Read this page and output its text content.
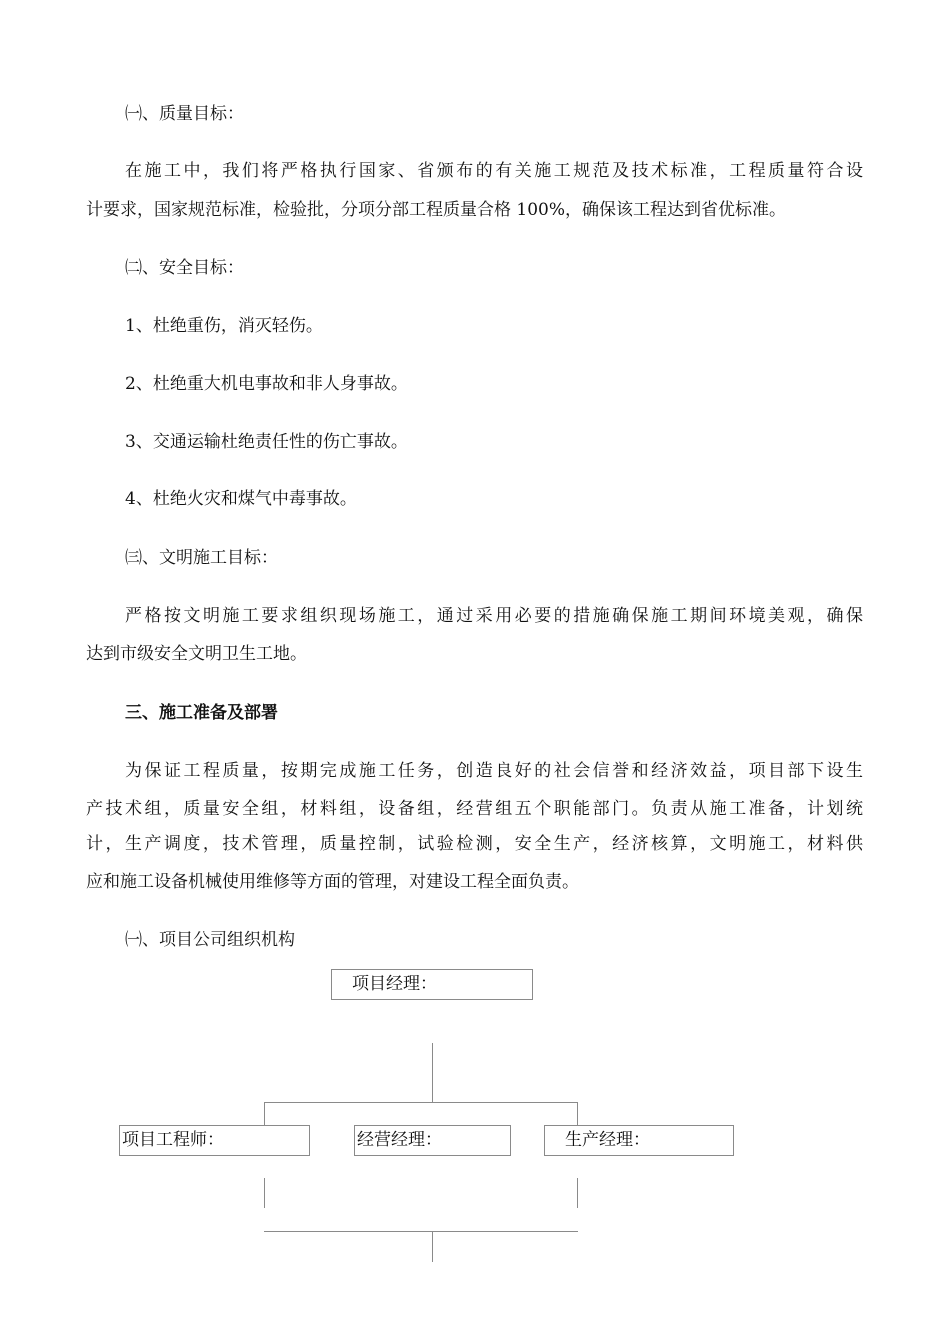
㈠、质量目标：
在施工中，我们将严格执行国家、省颁布的有关施工规范及技术标准，工程质量符合设
计要求，国家规范标准，检验批，分项分部工程质量合格 100%，确保该工程达到省优标准。
㈡、安全目标：
1、杜绝重伤，消灭轻伤。
2、杜绝重大机电事故和非人身事故。
3、交通运输杜绝责任性的伤亡事故。
4、杜绝火灾和煤气中毒事故。
㈢、文明施工目标：
严格按文明施工要求组织现场施工，通过采用必要的措施确保施工期间环境美观，确保
达到市级安全文明卫生工地。
三、施工准备及部署
为保证工程质量，按期完成施工任务，创造良好的社会信誉和经济效益，项目部下设生
产技术组，质量安全组，材料组，设备组，经营组五个职能部门。负责从施工准备，计划统
计，生产调度，技术管理，质量控制，试验检测，安全生产，经济核算，文明施工，材料供
应和施工设备机械使用维修等方面的管理，对建设工程全面负责。
㈠、项目公司组织机构
项目经理：
项目工程师：	经营经理：	生产经理：
